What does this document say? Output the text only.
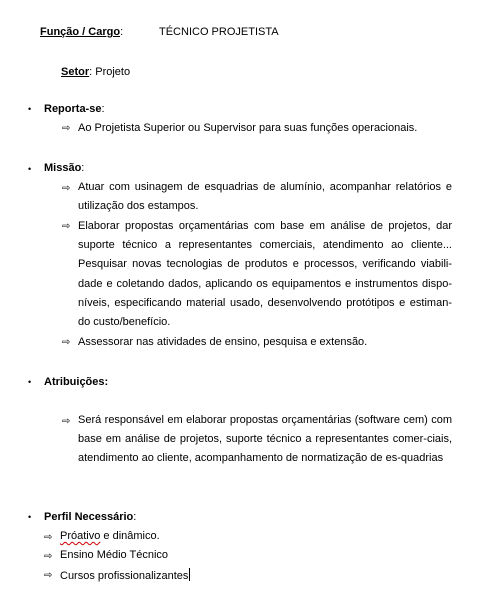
Função / Cargo:	TÉCNICO PROJETISTA
Setor: Projeto
• Reporta-se:
⇨ Ao Projetista Superior ou Supervisor para suas funções operacionais.
• Missão:
⇨ Atuar com usinagem de esquadrias de alumínio, acompanhar relatórios e utilização dos estampos.
⇨ Elaborar propostas orçamentárias com base em análise de projetos, dar suporte técnico a representantes comerciais, atendimento ao cliente... Pesquisar novas tecnologias de produtos e processos, verificando viabili-dade e coletando dados, aplicando os equipamentos e instrumentos dispo-níveis, especificando material usado, desenvolvendo protótipos e estiman-do custo/benefício.
⇨ Assessorar nas atividades de ensino, pesquisa e extensão.
• Atribuições:
⇨ Será responsável em elaborar propostas orçamentárias (software cem) com base em análise de projetos, suporte técnico a representantes comer-ciais, atendimento ao cliente, acompanhamento de normatização de es-quadrias
• Perfil Necessário:
⇨ Próativo e dinâmico.
⇨ Ensino Médio Técnico
⇨ Cursos profissionalizantes
